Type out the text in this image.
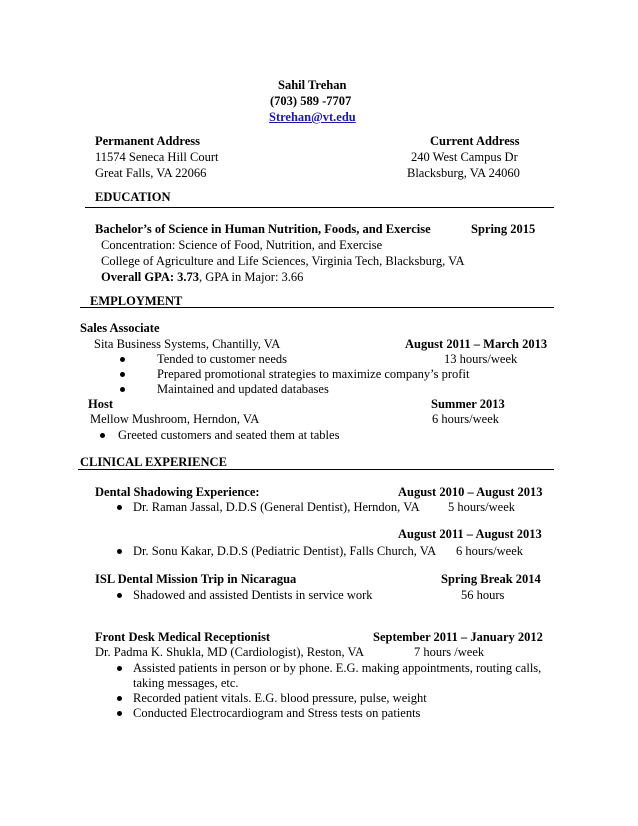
Sahil Trehan
(703) 589 -7707
Strehan@vt.edu
Permanent Address
11574 Seneca Hill Court
Great Falls, VA 22066
Current Address
240 West Campus Dr
Blacksburg, VA 24060
EDUCATION
Bachelor’s of Science in Human Nutrition, Foods, and Exercise	Spring 2015
Concentration: Science of Food, Nutrition, and Exercise
College of Agriculture and Life Sciences, Virginia Tech, Blacksburg, VA
Overall GPA: 3.73, GPA in Major: 3.66
EMPLOYMENT
Sales Associate
Sita Business Systems, Chantilly, VA	August 2011 – March 2013
Tended to customer needs	13 hours/week
Prepared promotional strategies to maximize company’s profit
Maintained and updated databases
Host	Summer 2013
Mellow Mushroom, Herndon, VA	6 hours/week
Greeted customers and seated them at tables
CLINICAL EXPERIENCE
Dental Shadowing Experience:	August 2010 – August 2013
Dr. Raman Jassal, D.D.S (General Dentist), Herndon, VA 5 hours/week
August 2011 – August 2013
Dr. Sonu Kakar, D.D.S (Pediatric Dentist), Falls Church, VA 6 hours/week
ISL Dental Mission Trip in Nicaragua	Spring Break 2014
Shadowed and assisted Dentists in service work	56 hours
Front Desk Medical Receptionist	September 2011 – January 2012
Dr. Padma K. Shukla, MD (Cardiologist), Reston, VA	7 hours /week
Assisted patients in person or by phone. E.G. making appointments, routing calls,
taking messages, etc.
Recorded patient vitals. E.G. blood pressure, pulse, weight
Conducted Electrocardiogram and Stress tests on patients
